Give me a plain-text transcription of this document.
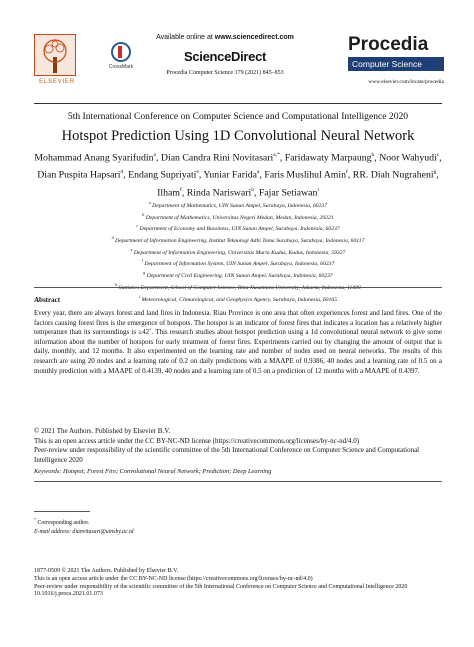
ELSEVIER
CrossMark
Available online at www.sciencedirect.com
ScienceDirect
Procedia Computer Science 179 (2021) 845–853
Procedia
Computer Science
www.elsevier.com/locate/procedia
5th International Conference on Computer Science and Computational Intelligence 2020
Hotspot Prediction Using 1D Convolutional Neural Network
Mohammad Anang Syarifudin$^a$, Dian Candra Rini Novitasari$^{a,*}$, Faridawaty Marpaung$^b$, Noor Wahyudi$^c$, Dian Puspita Hapsari$^d$, Endang Supriyati$^e$, Yuniar Farida$^a$, Faris Muslihul Amin$^f$, RR. Diah Nugraheni$^g$, Ilham$^f$, Rinda Nariswari$^h$, Fajar Setiawan$^i$
$^a$ Department of Mathematics, UIN Sunan Ampel, Surabaya, Indonesia, 60237
$^b$ Department of Mathematics, Universitas Negeri Medan, Medan, Indonesia, 20221
$^c$ Department of Economy and Bussiness, UIN Sunan Ampel, Surabaya, Indonesia, 60237
$^d$ Department of Information Engineering, Institut Teknologi Adhi Tama Surabaya, Surabaya, Indonesia, 60117
$^e$ Department of Information Engineering, Universitas Muria Kudus, Kudus, Indonesia, 59327
$^f$ Department of Information System, UIN Sunan Ampel, Surabaya, Indonesia, 60237
$^g$ Department of Civil Engineering, UIN Sunan Ampel, Surabaya, Indonesia, 60237
$^h$ Statistics Department, School of Computer Science, Bina Nusantara University, Jakarta, Indonesia, 11480
$^i$ Meteorological, Climatological, and Geophysics Agency, Surabaya, Indonesia, 60165
Abstract
Every year, there are always forest and land fires in Indonesia. Riau Province is one area that often experiences forest and land fires. One of the factors causing forest fires is the emergence of hotspots. The hotspot is an indicator of forest fires that indicates a location has a relatively higher temperature than its surroundings is ≥42˚. This research studies about hotspot prediction using a 1d convolutional neural network to give some information about the number of hotspots for early treatment of forest fires. Experiments carried out by changing the amount of output that is daily, monthly, and 12 months. It also experimented on the learning rate and number of nodes used on neural networks. The results of this research are using 20 nodes and a learning rate of 0.2 on daily predictions with a MAAPE of 0.9386, 40 nodes and a learning rate of 0.5 on a monthly prediction with a MAAPE of 0.4139, 40 nodes and a learning rate of 0.5 on a prediction of 12 months with a MAAPE of 0.4397.
© 2021 The Authors. Published by Elsevier B.V.
This is an open access article under the CC BY-NC-ND license (https://creativecommons.org/licenses/by-nc-nd/4.0)
Peer-review under responsibility of the scientific committee of the 5th International Conference on Computer Science and Computational Intelligence 2020
Keywords: Hotspot; Forest Fire; Convolutional Neural Network; Prediction; Deep Learning
* Corresponding author.
E-mail address: dianvitasari@uinsby.ac.id
1877-0509 © 2021 The Authors. Published by Elsevier B.V.
This is an open access article under the CC BY-NC-ND license (https://creativecommons.org/licenses/by-nc-nd/4.0)
Peer-review under responsibility of the scientific committee of the 5th International Conference on Computer Science and Computational Intelligence 2020
10.1016/j.procs.2021.01.073
